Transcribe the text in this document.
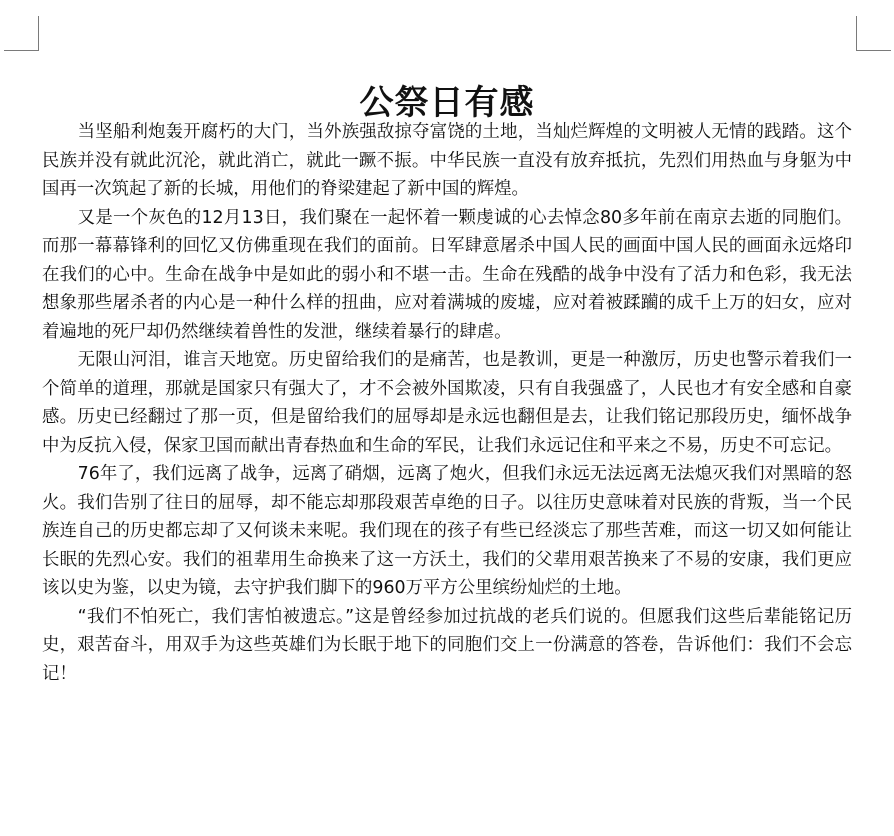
公祭日有感

当坚船利炮轰开腐朽的大门，当外族强敌掠夺富饶的土地，当灿烂辉煌的文明被人无情的践踏。这个民族并没有就此沉沦，就此消亡，就此一蹶不振。中华民族一直没有放弃抵抗，先烈们用热血与身躯为中国再一次筑起了新的长城，用他们的脊梁建起了新中国的辉煌。

又是一个灰色的12月13日，我们聚在一起怀着一颗虔诚的心去悼念80多年前在南京去逝的同胞们。而那一幕幕锋利的回忆又仿佛重现在我们的面前。日军肆意屠杀中国人民的画面中国人民的画面永远烙印在我们的心中。生命在战争中是如此的弱小和不堪一击。生命在残酷的战争中没有了活力和色彩，我无法想象那些屠杀者的内心是一种什么样的扭曲，应对着满城的废墟，应对着被蹂躏的成千上万的妇女，应对着遍地的死尸却仍然继续着兽性的发泄，继续着暴行的肆虐。

无限山河泪，谁言天地宽。历史留给我们的是痛苦，也是教训，更是一种激厉，历史也警示着我们一个简单的道理，那就是国家只有强大了，才不会被外国欺凌，只有自我强盛了，人民也才有安全感和自豪感。历史已经翻过了那一页，但是留给我们的屈辱却是永远也翻但是去，让我们铭记那段历史，缅怀战争中为反抗入侵，保家卫国而献出青春热血和生命的军民，让我们永远记住和平来之不易，历史不可忘记。

76年了，我们远离了战争，远离了硝烟，远离了炮火，但我们永远无法远离无法熄灭我们对黑暗的怒火。我们告别了往日的屈辱，却不能忘却那段艰苦卓绝的日子。以往历史意味着对民族的背叛，当一个民族连自己的历史都忘却了又何谈未来呢。我们现在的孩子有些已经淡忘了那些苦难，而这一切又如何能让长眠的先烈心安。我们的祖辈用生命换来了这一方沃土，我们的父辈用艰苦换来了不易的安康，我们更应该以史为鉴，以史为镜，去守护我们脚下的960万平方公里缤纷灿烂的土地。

“我们不怕死亡，我们害怕被遗忘。”这是曾经参加过抗战的老兵们说的。但愿我们这些后辈能铭记历史，艰苦奋斗，用双手为这些英雄们为长眠于地下的同胞们交上一份满意的答卷，告诉他们：我们不会忘记！
